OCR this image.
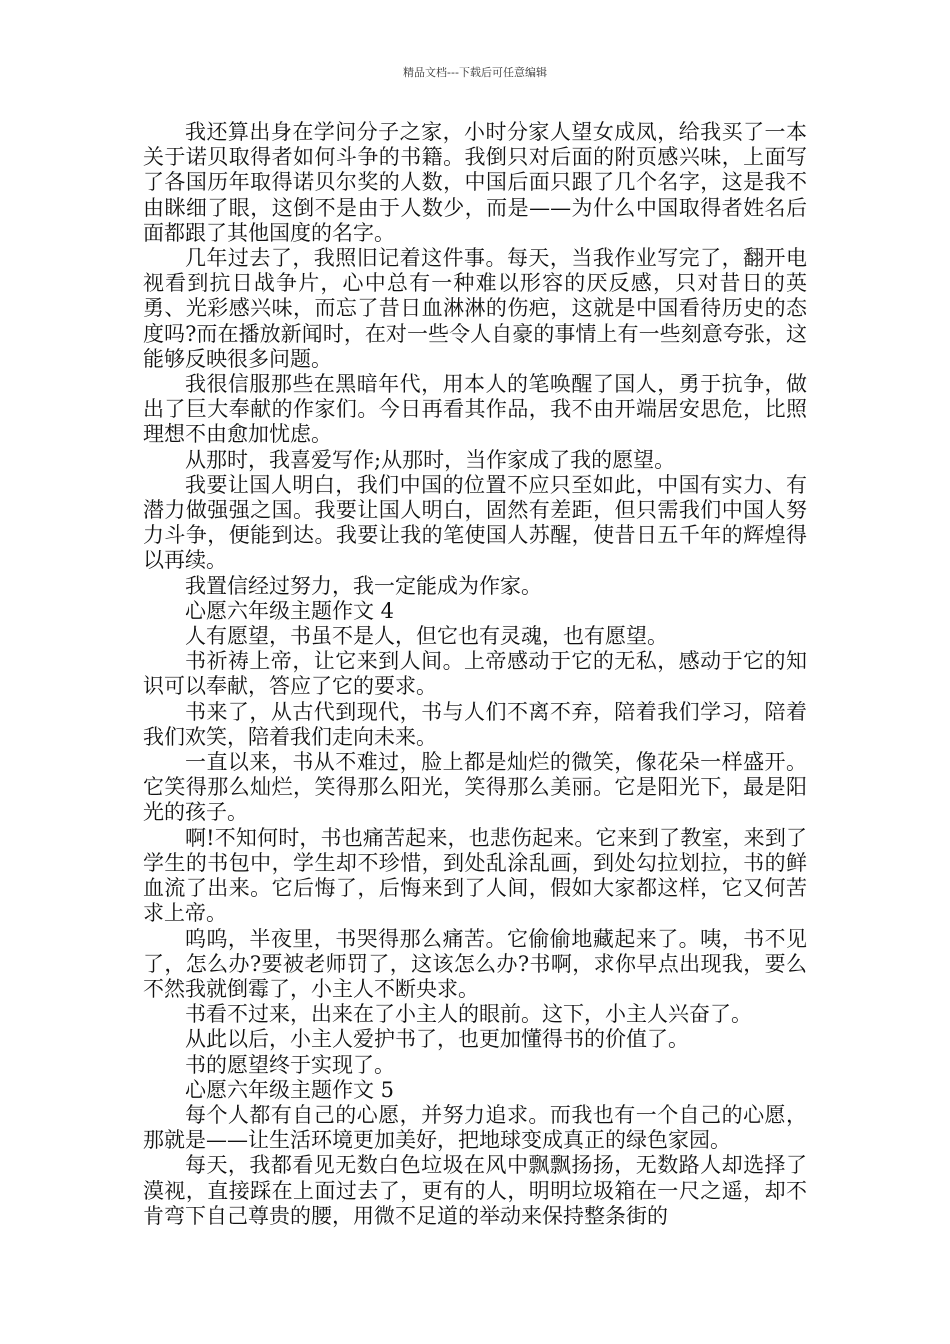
精品文档---下载后可任意编辑

我还算出身在学问分子之家，小时分家人望女成凤，给我买了一本关于诺贝取得者如何斗争的书籍。我倒只对后面的附页感兴味，上面写了各国历年取得诺贝尔奖的人数，中国后面只跟了几个名字，这是我不由眯细了眼，这倒不是由于人数少，而是——为什么中国取得者姓名后面都跟了其他国度的名字。

几年过去了，我照旧记着这件事。每天，当我作业写完了，翻开电视看到抗日战争片，心中总有一种难以形容的厌反感，只对昔日的英勇、光彩感兴味，而忘了昔日血淋淋的伤疤，这就是中国看待历史的态度吗?而在播放新闻时，在对一些令人自豪的事情上有一些刻意夸张，这能够反映很多问题。

我很信服那些在黑暗年代，用本人的笔唤醒了国人，勇于抗争，做出了巨大奉献的作家们。今日再看其作品，我不由开端居安思危，比照理想不由愈加忧虑。

从那时，我喜爱写作;从那时，当作家成了我的愿望。

我要让国人明白，我们中国的位置不应只至如此，中国有实力、有潜力做强强之国。我要让国人明白，固然有差距，但只需我们中国人努力斗争，便能到达。我要让我的笔使国人苏醒，使昔日五千年的辉煌得以再续。

我置信经过努力，我一定能成为作家。

心愿六年级主题作文 4

人有愿望，书虽不是人，但它也有灵魂，也有愿望。

书祈祷上帝，让它来到人间。上帝感动于它的无私，感动于它的知识可以奉献，答应了它的要求。

书来了，从古代到现代，书与人们不离不弃，陪着我们学习，陪着我们欢笑，陪着我们走向未来。

一直以来，书从不难过，脸上都是灿烂的微笑，像花朵一样盛开。它笑得那么灿烂，笑得那么阳光，笑得那么美丽。它是阳光下，最是阳光的孩子。

啊!不知何时，书也痛苦起来，也悲伤起来。它来到了教室，来到了学生的书包中，学生却不珍惜，到处乱涂乱画，到处勾拉划拉，书的鲜血流了出来。它后悔了，后悔来到了人间，假如大家都这样，它又何苦求上帝。

呜呜，半夜里，书哭得那么痛苦。它偷偷地藏起来了。咦，书不见了，怎么办?要被老师罚了，这该怎么办?书啊，求你早点出现我，要么不然我就倒霉了，小主人不断央求。

书看不过来，出来在了小主人的眼前。这下，小主人兴奋了。

从此以后，小主人爱护书了，也更加懂得书的价值了。

书的愿望终于实现了。

心愿六年级主题作文 5

每个人都有自己的心愿，并努力追求。而我也有一个自己的心愿，那就是——让生活环境更加美好，把地球变成真正的绿色家园。

每天，我都看见无数白色垃圾在风中飘飘扬扬，无数路人却选择了漠视，直接踩在上面过去了，更有的人，明明垃圾箱在一尺之遥，却不肯弯下自己尊贵的腰，用微不足道的举动来保持整条街的
